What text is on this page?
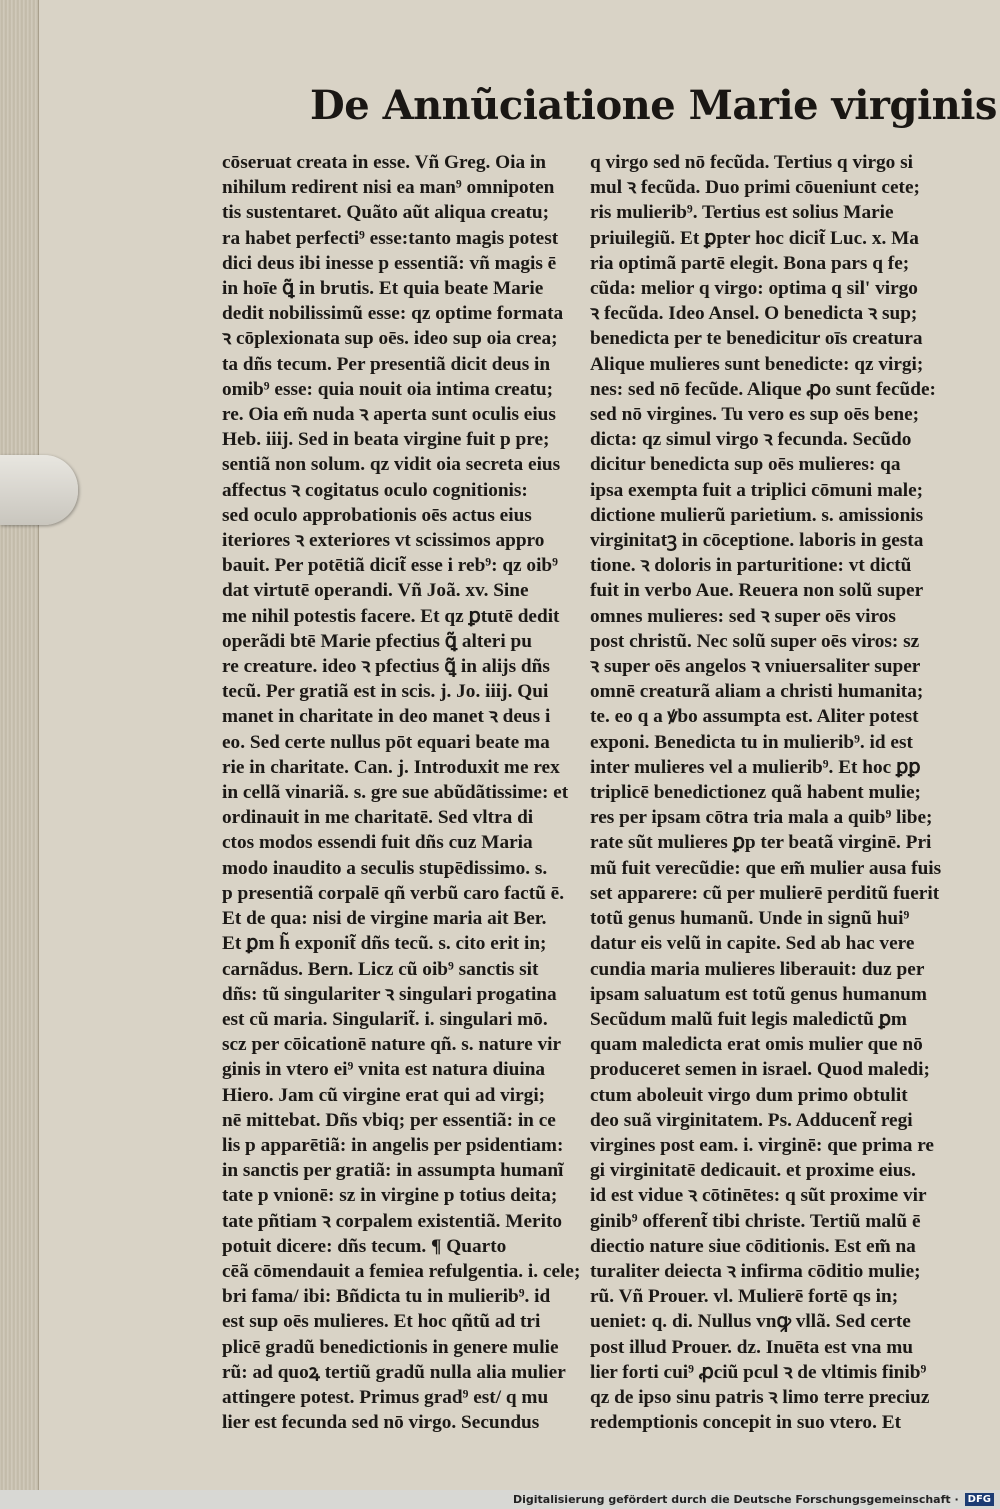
De Annũciatione Marie virginis
cōseruat creata in esse. Vñ Greg. Oia in
nihilum redirent nisi ea man⁹ omnipoten
tis sustentaret. Quãto aũt aliqua creatu;
ra habet perfecti⁹ esse:tanto magis potest
dici deus ibi inesse p essentiã: vñ magis ē
in hoīe ꝗ̃ in brutis. Et quia beate Marie
dedit nobilissimũ esse: qz optime formata
ꝛ cōplexionata sup oēs. ideo sup oia crea;
ta dñs tecum. Per presentiã dicit deus in
omib⁹ esse: quia nouit oia intima creatu;
re. Oia em̃ nuda ꝛ aperta sunt oculis eius
Heb. iiij. Sed in beata virgine fuit p pre;
sentiã non solum. qz vidit oia secreta eius
affectus ꝛ cogitatus oculo cognitionis:
sed oculo approbationis oēs actus eius
iteriores ꝛ exteriores vt scissimos appro
bauit. Per potētiã dicit̃ esse i reb⁹: qz oib⁹
dat virtutē operandi. Vñ Joã. xv. Sine
me nihil potestis facere. Et qz ꝑtutē dedit
operãdi btē Marie pfectius ꝗ̃ alteri pu
re creature. ideo ꝛ pfectius ꝗ̃ in alijs dñs
tecũ. Per gratiã est in scis. j. Jo. iiij. Qui
manet in charitate in deo manet ꝛ deus i
eo. Sed certe nullus pōt equari beate ma
rie in charitate. Can. j. Introduxit me rex
in cellã vinariã. s. gre sue abũdãtissime: et
ordinauit in me charitatē. Sed vltra di
ctos modos essendi fuit dñs cuz Maria
modo inaudito a seculis stupēdissimo. s.
p presentiã corpalē qñ verbũ caro factũ ē.
Et de qua: nisi de virgine maria ait Ber.
Et ꝑm h̃ exponit̃ dñs tecũ. s. cito erit in;
carnãdus. Bern. Licz cũ oib⁹ sanctis sit
dñs: tũ singulariter ꝛ singulari progatina
est cũ maria. Singularit̃. i. singulari mō.
scz per cōicationē nature qñ. s. nature vir
ginis in vtero ei⁹ vnita est natura diuina
Hiero. Jam cũ virgine erat qui ad virgi;
nē mittebat. Dñs vbiq; per essentiã: in ce
lis p apparētiã: in angelis per psidentiam:
in sanctis per gratiã: in assumpta humanĩ
tate p vnionē: sz in virgine p totius deita;
tate pñtiam ꝛ corpalem existentiã. Merito
potuit dicere: dñs tecum. ¶ Quarto
cēã cōmendauit a femiea refulgentia. i. cele;
bri fama/ ibi: Bñdicta tu in mulierib⁹. id
est sup oēs mulieres. Et hoc qñtũ ad tri
plicē gradũ benedictionis in genere mulie
rũ: ad quoꝝ tertiũ gradũ nulla alia mulier
attingere potest. Primus grad⁹ est/ q mu
lier est fecunda sed nō virgo. Secundus
q virgo sed nō fecũda. Tertius q virgo si
mul ꝛ fecũda. Duo primi cōueniunt cete;
ris mulierib⁹. Tertius est solius Marie
priuilegiũ. Et ꝑpter hoc dicit̃ Luc. x. Ma
ria optimã partē elegit. Bona pars q fe;
cũda: melior q virgo: optima q sil' virgo
ꝛ fecũda. Ideo Ansel. O benedicta ꝛ sup;
benedicta per te benedicitur oīs creatura
Alique mulieres sunt benedicte: qz virgi;
nes: sed nō fecũde. Alique ꝓo sunt fecũde:
sed nō virgines. Tu vero es sup oēs bene;
dicta: qz simul virgo ꝛ fecunda. Secũdo
dicitur benedicta sup oēs mulieres: qa
ipsa exempta fuit a triplici cōmuni male;
dictione mulierũ parietium. s. amissionis
virginitatꝫ in cōceptione. laboris in gesta
tione. ꝛ doloris in parturitione: vt dictũ
fuit in verbo Aue. Reuera non solũ super
omnes mulieres: sed ꝛ super oēs viros
post christũ. Nec solũ super oēs viros: sz
ꝛ super oēs angelos ꝛ vniuersaliter super
omnē creaturã aliam a christi humanita;
te. eo q a ꝟbo assumpta est. Aliter potest
exponi. Benedicta tu in mulierib⁹. id est
inter mulieres vel a mulierib⁹. Et hoc ꝑꝑ
triplicē benedictionez quã habent mulie;
res per ipsam cōtra tria mala a quib⁹ libe;
rate sũt mulieres ꝑp ter beatã virginē. Pri
mũ fuit verecũdie: que em̃ mulier ausa fuis
set apparere: cũ per mulierē perditũ fuerit
totũ genus humanũ. Unde in signũ hui⁹
datur eis velũ in capite. Sed ab hac vere
cundia maria mulieres liberauit: duz per
ipsam saluatum est totũ genus humanum
Secũdum malũ fuit legis maledictũ ꝑm
quam maledicta erat omis mulier que nō
produceret semen in israel. Quod maledi;
ctum aboleuit virgo dum primo obtulit
deo suã virginitatem. Ps. Adducent̃ regi
virgines post eam. i. virginē: que prima re
gi virginitatē dedicauit. et proxime eius.
id est vidue ꝛ cōtinētes: q sũt proxime vir
ginib⁹ offerent̃ tibi christe. Tertiũ malũ ē
diectio nature siue cōditionis. Est em̃ na
turaliter deiecta ꝛ infirma cōditio mulie;
rũ. Vñ Prouer. vl. Mulierē fortē qs in;
ueniet: q. di. Nullus vnꝙ vllã. Sed certe
post illud Prouer. dz. Inuēta est vna mu
lier forti cui⁹ ꝓciũ pcul ꝛ de vltimis finib⁹
qz de ipso sinu patris ꝛ limo terre preciuz
redemptionis concepit in suo vtero. Et
Digitalisierung gefördert durch die Deutsche Forschungsgemeinschaft · DFG
